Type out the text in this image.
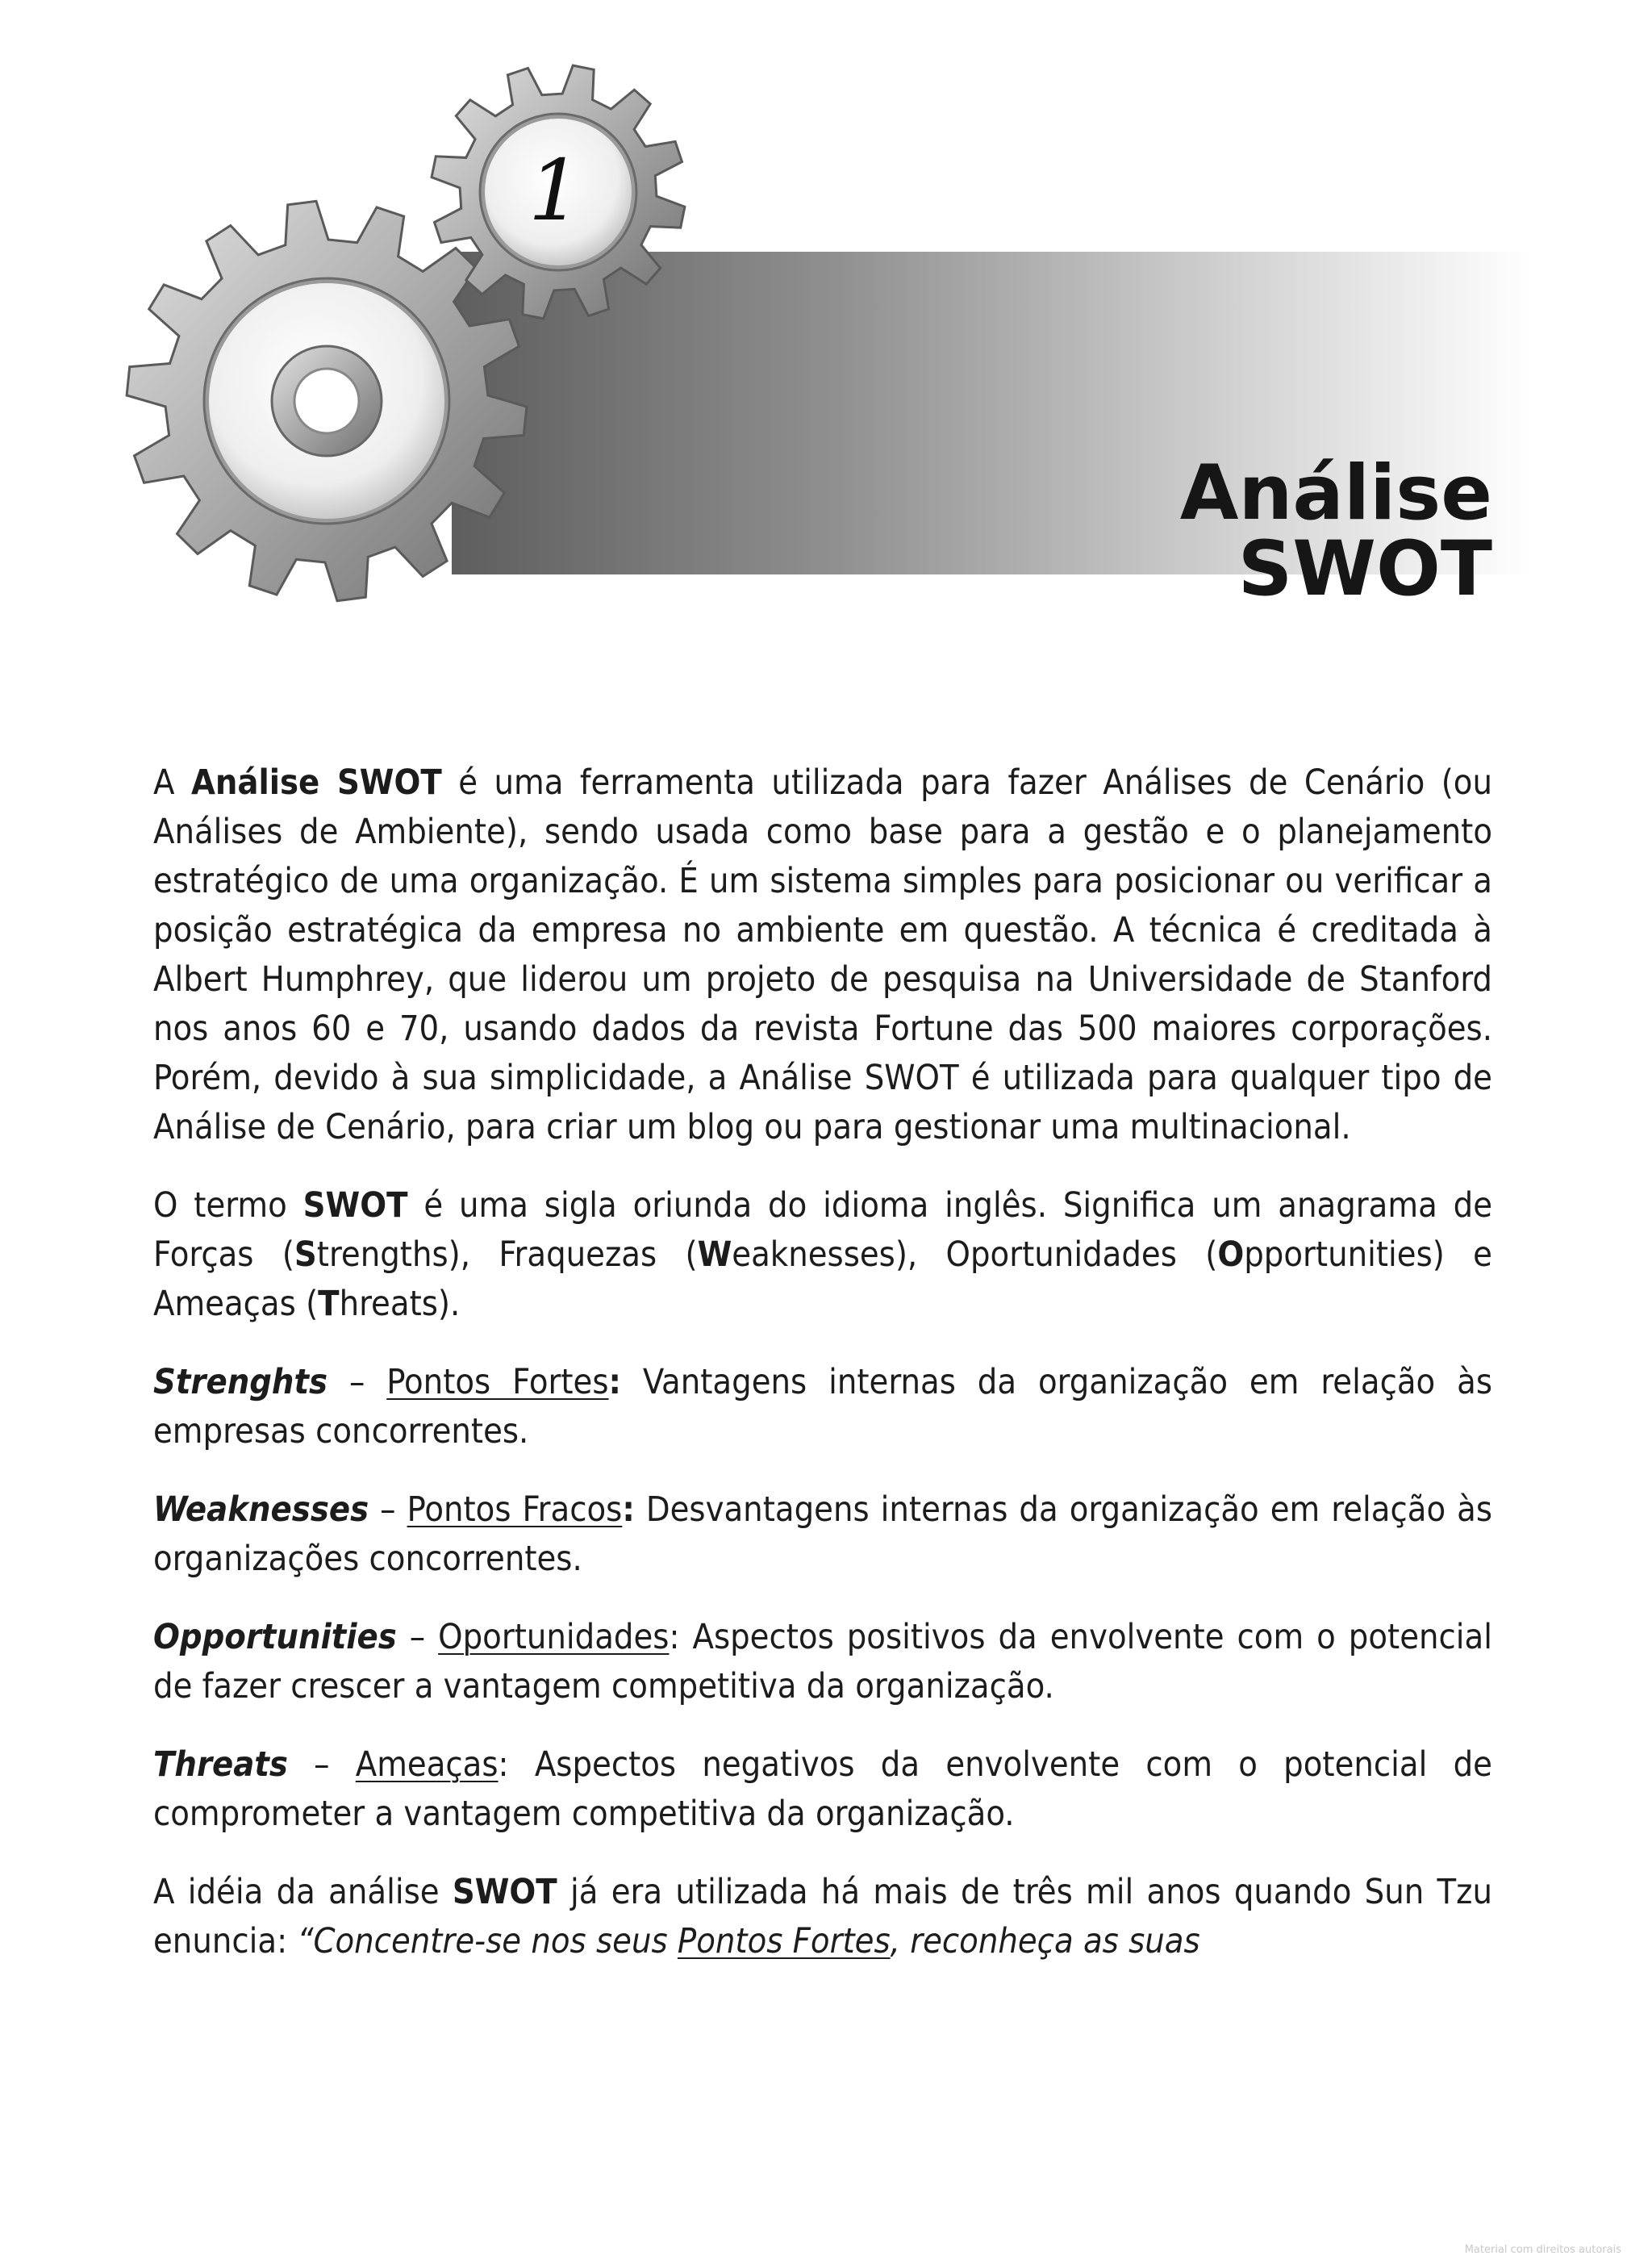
1
Análise SWOT

A Análise SWOT é uma ferramenta utilizada para fazer Análises de Cenário (ou Análises de Ambiente), sendo usada como base para a gestão e o planejamento estratégico de uma organização. É um sistema simples para posicionar ou verificar a posição estratégica da empresa no ambiente em questão. A técnica é creditada à Albert Humphrey, que liderou um projeto de pesquisa na Universidade de Stanford nos anos 60 e 70, usando dados da revista Fortune das 500 maiores corporações. Porém, devido à sua simplicidade, a Análise SWOT é utilizada para qualquer tipo de Análise de Cenário, para criar um blog ou para gestionar uma multinacional.

O termo SWOT é uma sigla oriunda do idioma inglês. Significa um anagrama de Forças (Strengths), Fraquezas (Weaknesses), Oportunidades (Opportunities) e Ameaças (Threats).

Strenghts – Pontos Fortes: Vantagens internas da organização em relação às empresas concorrentes.

Weaknesses – Pontos Fracos: Desvantagens internas da organização em relação às organizações concorrentes.

Opportunities – Oportunidades: Aspectos positivos da envolvente com o potencial de fazer crescer a vantagem competitiva da organização.

Threats – Ameaças: Aspectos negativos da envolvente com o potencial de comprometer a vantagem competitiva da organização.

A idéia da análise SWOT já era utilizada há mais de três mil anos quando Sun Tzu enuncia: “Concentre-se nos seus Pontos Fortes, reconheça as suas

Material com direitos autorais
